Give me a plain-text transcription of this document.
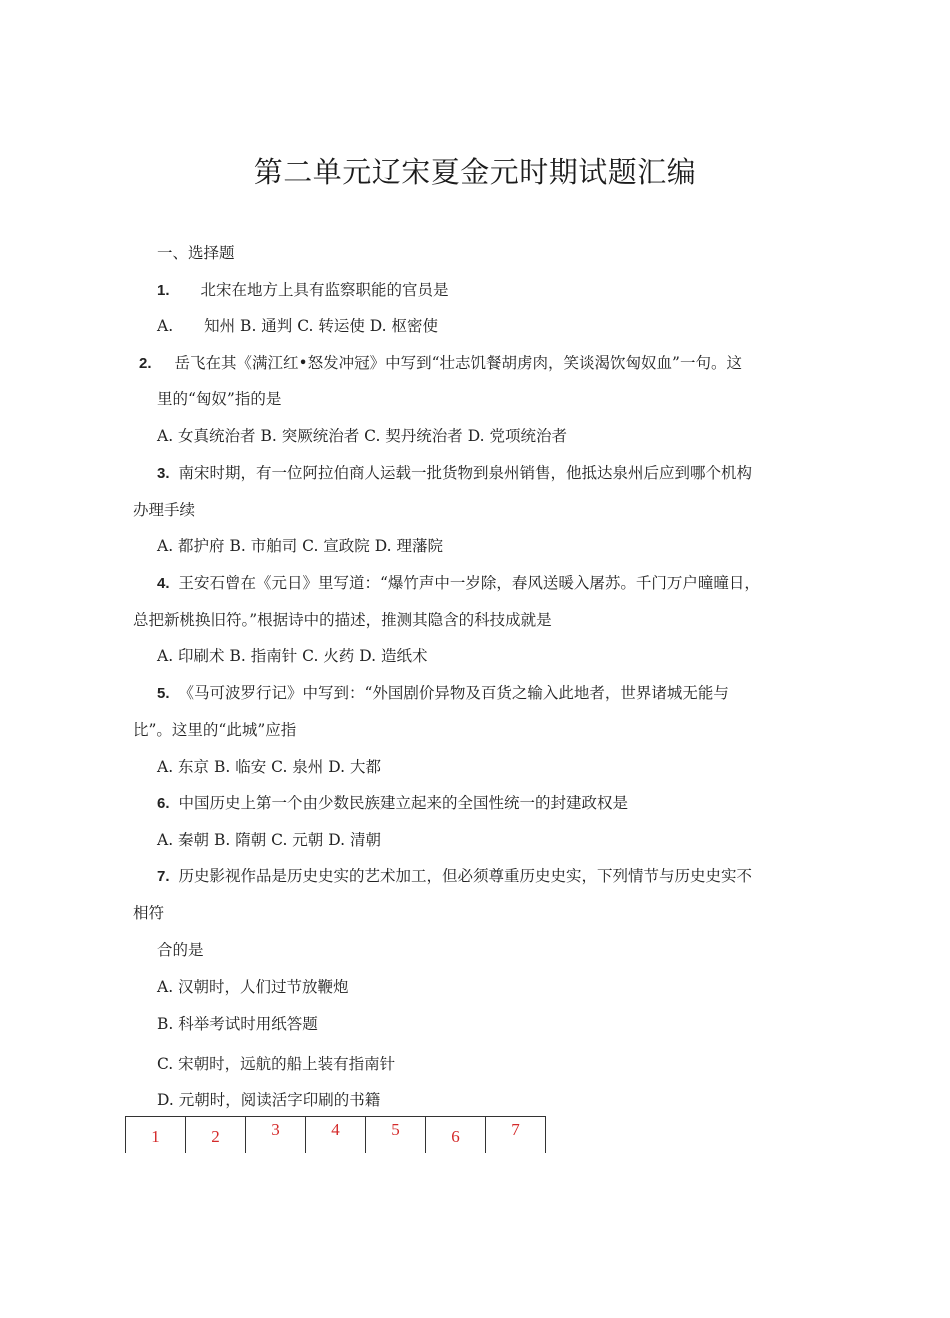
第二单元辽宋夏金元时期试题汇编
一、选择题
1. 北宋在地方上具有监察职能的官员是
A.　　知州 B. 通判 C. 转运使 D. 枢密使
2. 岳飞在其《满江红•怒发冲冠》中写到“壮志饥餐胡虏肉，笑谈渴饮匈奴血”一句。这
里的“匈奴”指的是
A. 女真统治者 B. 突厥统治者 C. 契丹统治者 D. 党项统治者
3. 南宋时期，有一位阿拉伯商人运载一批货物到泉州销售，他抵达泉州后应到哪个机构
办理手续
A. 都护府 B. 市舶司 C. 宣政院 D. 理藩院
4. 王安石曾在《元日》里写道：“爆竹声中一岁除，春风送暖入屠苏。千门万户曈曈日，
总把新桃换旧符。”根据诗中的描述，推测其隐含的科技成就是
A. 印刷术 B. 指南针 C. 火药 D. 造纸术
5. 《马可波罗行记》中写到：“外国剧价异物及百货之输入此地者，世界诸城无能与
比”。这里的“此城”应指
A. 东京 B. 临安 C. 泉州 D. 大都
6. 中国历史上第一个由少数民族建立起来的全国性统一的封建政权是
A. 秦朝 B. 隋朝 C. 元朝 D. 清朝
7. 历史影视作品是历史史实的艺术加工，但必须尊重历史史实，下列情节与历史史实不
相符
合的是
A. 汉朝时，人们过节放鞭炮
B. 科举考试时用纸答题
C. 宋朝时，远航的船上装有指南针
D. 元朝时，阅读活字印刷的书籍
1	2	3	4	5	6	7
